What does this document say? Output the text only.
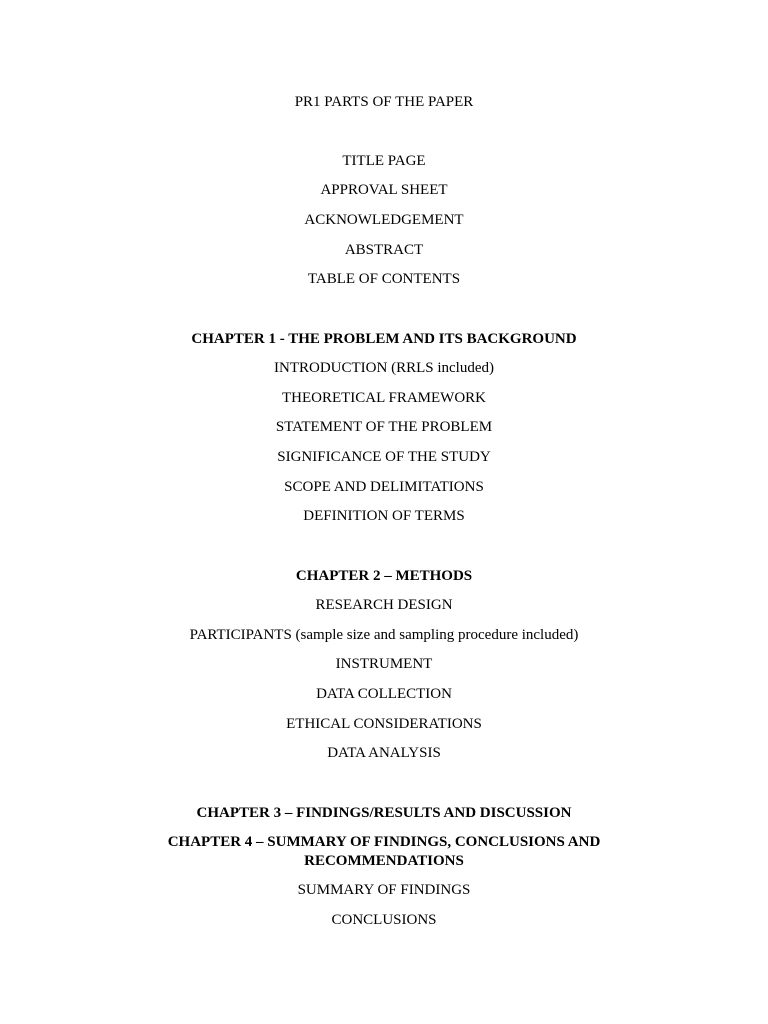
PR1 PARTS OF THE PAPER
TITLE PAGE
APPROVAL SHEET
ACKNOWLEDGEMENT
ABSTRACT
TABLE OF CONTENTS
CHAPTER 1 - THE PROBLEM AND ITS BACKGROUND
INTRODUCTION (RRLS included)
THEORETICAL FRAMEWORK
STATEMENT OF THE PROBLEM
SIGNIFICANCE OF THE STUDY
SCOPE AND DELIMITATIONS
DEFINITION OF TERMS
CHAPTER 2 – METHODS
RESEARCH DESIGN
PARTICIPANTS (sample size and sampling procedure included)
INSTRUMENT
DATA COLLECTION
ETHICAL CONSIDERATIONS
DATA ANALYSIS
CHAPTER 3 – FINDINGS/RESULTS AND DISCUSSION
CHAPTER 4 – SUMMARY OF FINDINGS, CONCLUSIONS AND RECOMMENDATIONS
SUMMARY OF FINDINGS
CONCLUSIONS
